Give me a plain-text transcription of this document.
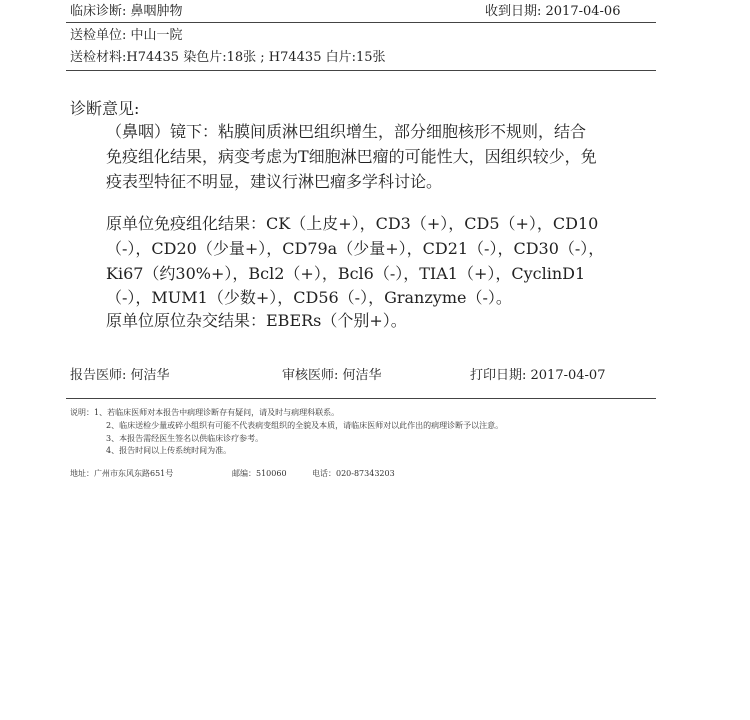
临床诊断: 鼻咽肿物	收到日期: 2017-04-06
送检单位: 中山一院
送检材料:H74435 染色片:18张 ; H74435 白片:15张
诊断意见:
（鼻咽）镜下：粘膜间质淋巴组织增生，部分细胞核形不规则，结合
免疫组化结果，病变考虑为T细胞淋巴瘤的可能性大，因组织较少，免
疫表型特征不明显，建议行淋巴瘤多学科讨论。
原单位免疫组化结果：CK（上皮+），CD3（+），CD5（+），CD10
（-），CD20（少量+），CD79a（少量+），CD21（-），CD30（-），
Ki67（约30%+），Bcl2（+），Bcl6（-），TIA1（+），CyclinD1
（-），MUM1（少数+），CD56（-），Granzyme（-）。
原单位原位杂交结果：EBERs（个别+）。
报告医师: 何洁华	审核医师: 何洁华	打印日期: 2017-04-07
说明：1、若临床医师对本报告中病理诊断存有疑问，请及时与病理科联系。
2、临床送检少量或碎小组织有可能不代表病变组织的全貌及本质，请临床医师对以此作出的病理诊断予以注意。
3、本报告需经医生签名以供临床诊疗参考。
4、报告时间以上传系统时间为准。
地址：广州市东风东路651号	邮编：510060	电话：020-87343203
